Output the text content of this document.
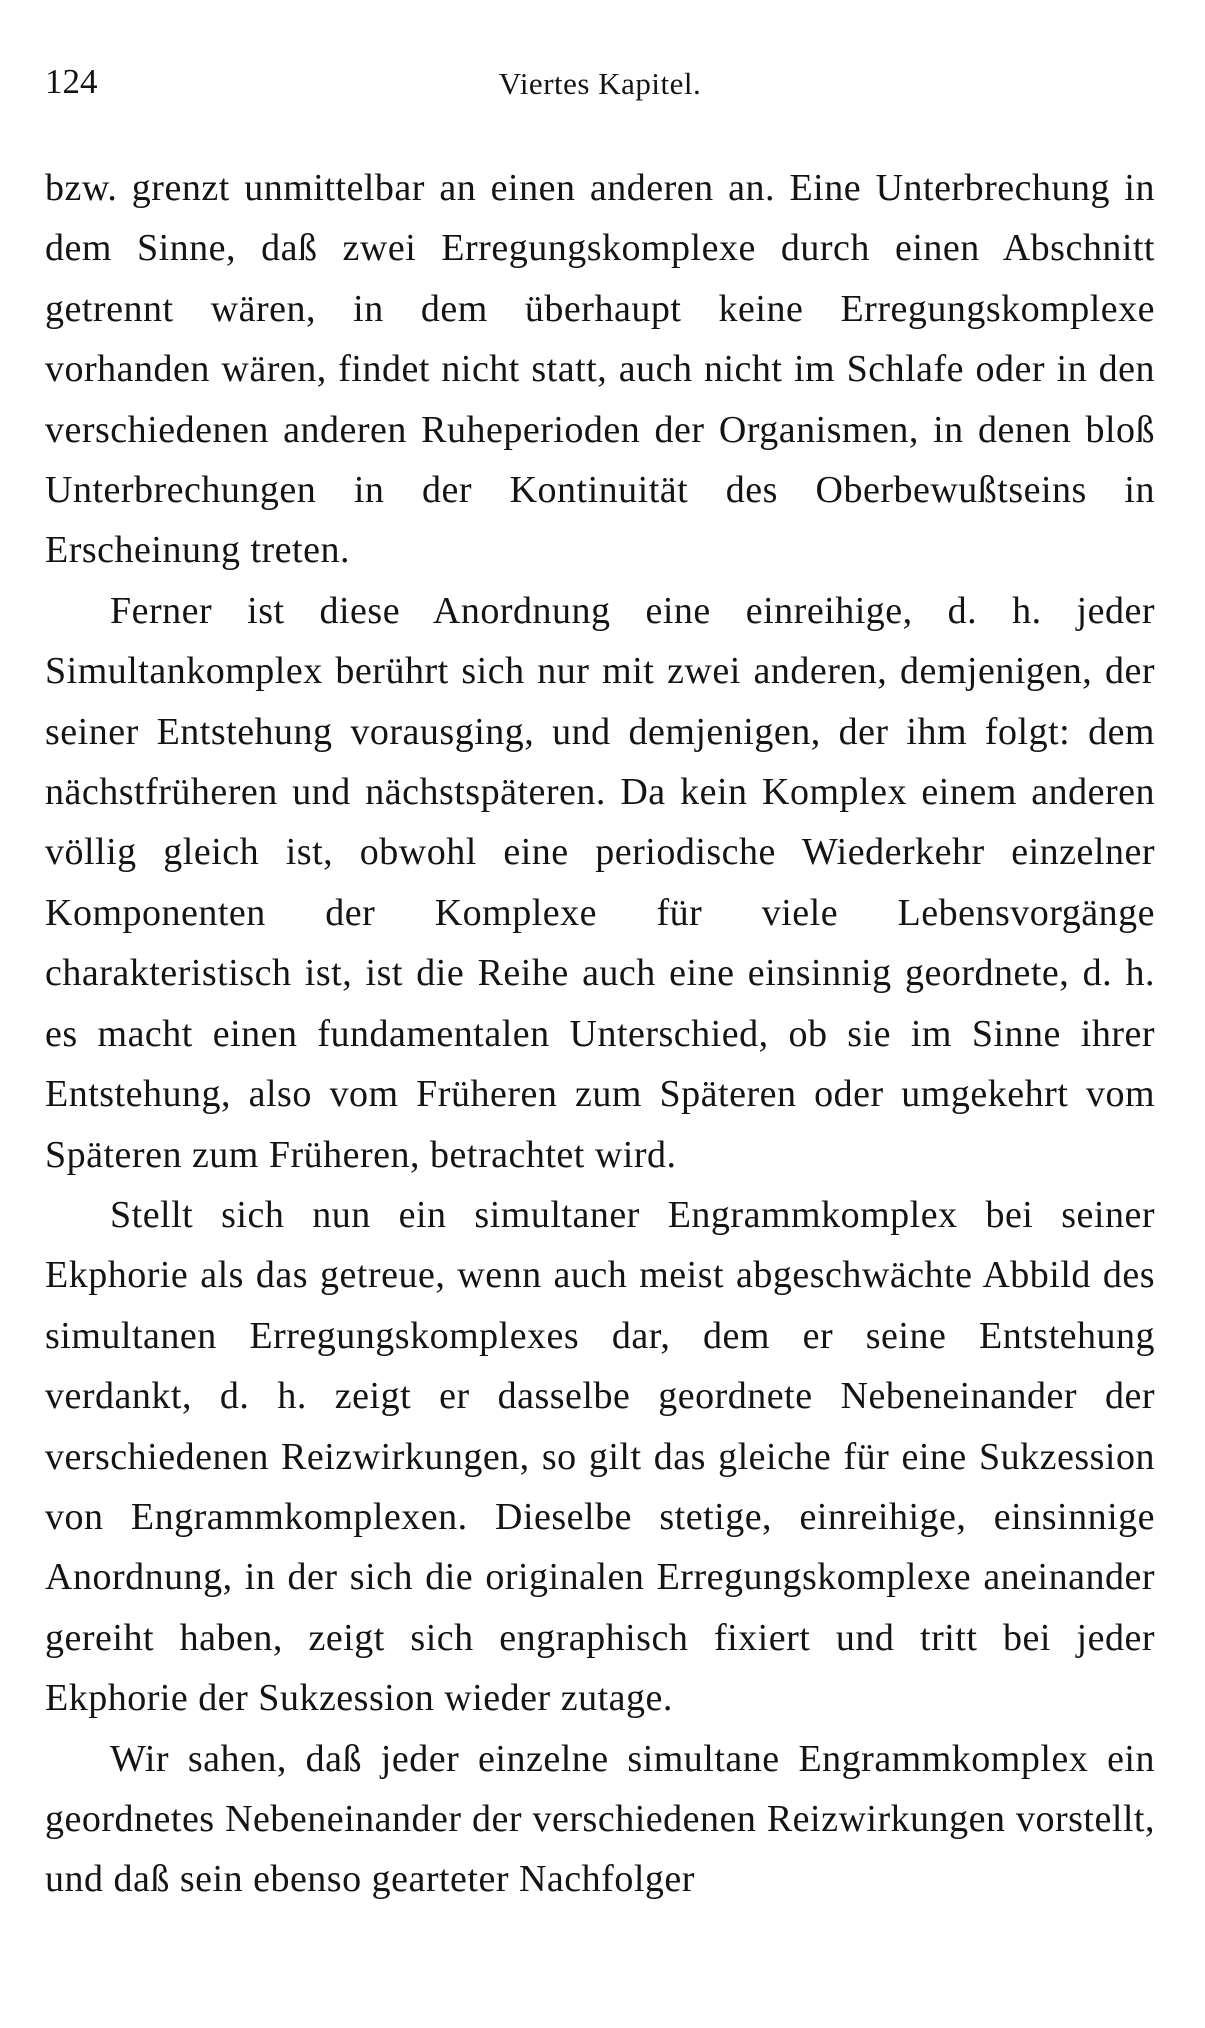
124	Viertes Kapitel.

bzw. grenzt unmittelbar an einen anderen an. Eine Unterbrechung in dem Sinne, daß zwei Erregungskomplexe durch einen Abschnitt getrennt wären, in dem überhaupt keine Erregungskomplexe vorhanden wären, findet nicht statt, auch nicht im Schlafe oder in den verschiedenen anderen Ruheperioden der Organismen, in denen bloß Unterbrechungen in der Kontinuität des Oberbewußtseins in Erscheinung treten.

Ferner ist diese Anordnung eine einreihige, d. h. jeder Simultankomplex berührt sich nur mit zwei anderen, demjenigen, der seiner Entstehung vorausging, und demjenigen, der ihm folgt: dem nächstfrüheren und nächstspäteren. Da kein Komplex einem anderen völlig gleich ist, obwohl eine periodische Wiederkehr einzelner Komponenten der Komplexe für viele Lebensvorgänge charakteristisch ist, ist die Reihe auch eine einsinnig geordnete, d. h. es macht einen fundamentalen Unterschied, ob sie im Sinne ihrer Entstehung, also vom Früheren zum Späteren oder umgekehrt vom Späteren zum Früheren, betrachtet wird.

Stellt sich nun ein simultaner Engrammkomplex bei seiner Ekphorie als das getreue, wenn auch meist abgeschwächte Abbild des simultanen Erregungskomplexes dar, dem er seine Entstehung verdankt, d. h. zeigt er dasselbe geordnete Nebeneinander der verschiedenen Reizwirkungen, so gilt das gleiche für eine Sukzession von Engrammkomplexen. Dieselbe stetige, einreihige, einsinnige Anordnung, in der sich die originalen Erregungskomplexe aneinander gereiht haben, zeigt sich engraphisch fixiert und tritt bei jeder Ekphorie der Sukzession wieder zutage.

Wir sahen, daß jeder einzelne simultane Engrammkomplex ein geordnetes Nebeneinander der verschiedenen Reizwirkungen vorstellt, und daß sein ebenso gearteter Nachfolger
